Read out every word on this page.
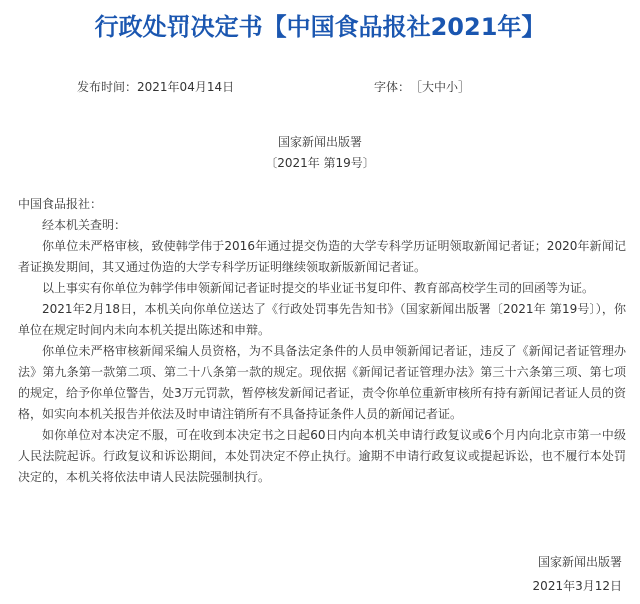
行政处罚决定书【中国食品报社2021年】
发布时间：2021年04月14日	字体：［大中小］
国家新闻出版署
〔2021年 第19号〕

中国食品报社：

经本机关查明：

你单位未严格审核，致使韩学伟于2016年通过提交伪造的大学专科学历证明领取新闻记者证；2020年新闻记者证换发期间，其又通过伪造的大学专科学历证明继续领取新版新闻记者证。

以上事实有你单位为韩学伟申领新闻记者证时提交的毕业证书复印件、教育部高校学生司的回函等为证。

2021年2月18日，本机关向你单位送达了《行政处罚事先告知书》（国家新闻出版署〔2021年 第19号〕），你单位在规定时间内未向本机关提出陈述和申辩。

你单位未严格审核新闻采编人员资格，为不具备法定条件的人员申领新闻记者证，违反了《新闻记者证管理办法》第九条第一款第二项、第二十八条第一款的规定。现依据《新闻记者证管理办法》第三十六条第三项、第七项的规定，给予你单位警告，处3万元罚款，暂停核发新闻记者证，责令你单位重新审核所有持有新闻记者证人员的资格，如实向本机关报告并依法及时申请注销所有不具备持证条件人员的新闻记者证。

如你单位对本决定不服，可在收到本决定书之日起60日内向本机关申请行政复议或6个月内向北京市第一中级人民法院起诉。行政复议和诉讼期间，本处罚决定不停止执行。逾期不申请行政复议或提起诉讼，也不履行本处罚决定的，本机关将依法申请人民法院强制执行。

国家新闻出版署
2021年3月12日
